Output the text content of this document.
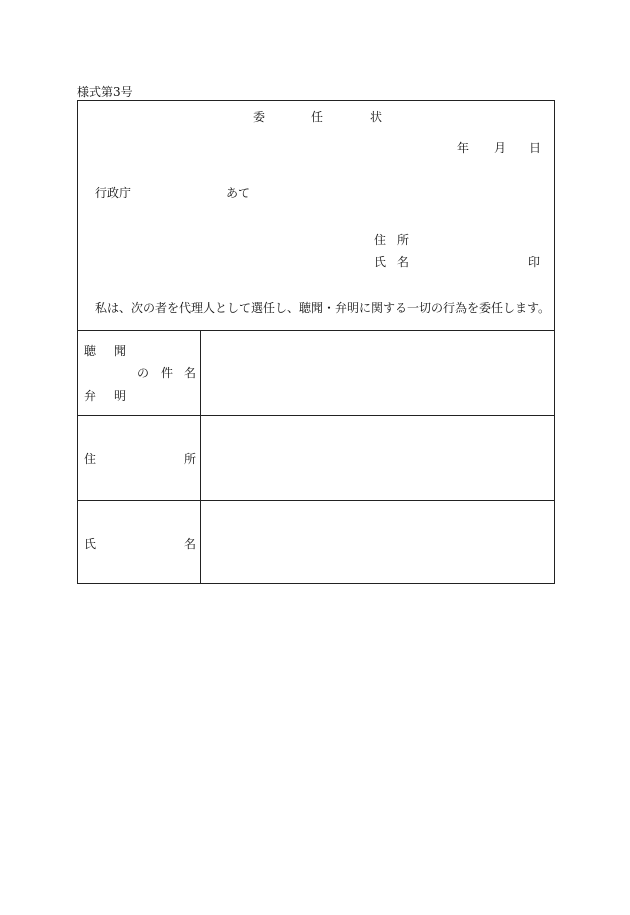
様式第3号
委	任	状
年 月 日
行政庁	あて
住 所
氏 名	印
私は、次の者を代理人として選任し、聴聞・弁明に関する一切の行為を委任します。
聴 聞
の 件 名
弁 明
住	所
氏	名
